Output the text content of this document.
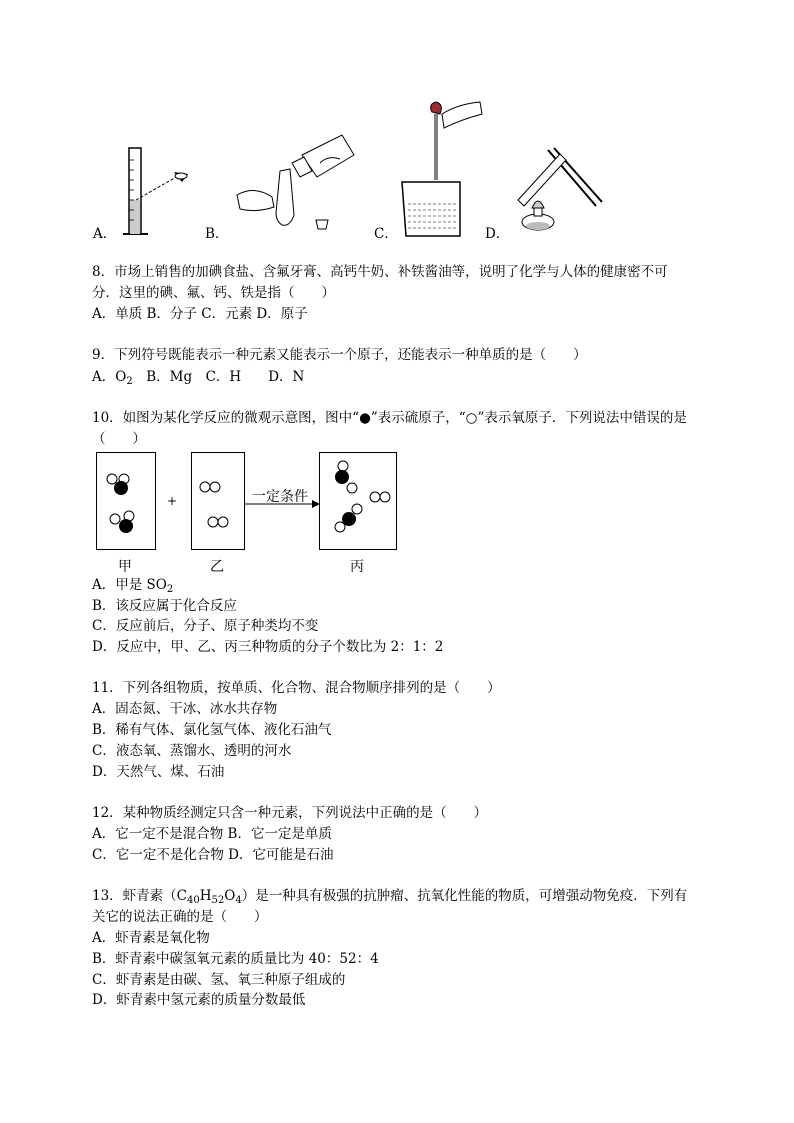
A．	B．	C．	D．
8．市场上销售的加碘食盐、含氟牙膏、高钙牛奶、补铁酱油等，说明了化学与人体的健康密不可
分．这里的碘、氟、钙、铁是指（　　）
A．单质 B．分子 C．元素 D．原子
9．下列符号既能表示一种元素又能表示一个原子，还能表示一种单质的是（　　）
A．$O_2$　B．Mg　C．H　　D．N
10．如图为某化学反应的微观示意图，图中“●”表示硫原子，“○”表示氧原子．下列说法中错误的是
（　　）
+	一定条件
甲	乙	丙
A．甲是 $SO_2$
B．该反应属于化合反应
C．反应前后，分子、原子种类均不变
D．反应中，甲、乙、丙三种物质的分子个数比为 2：1：2
11．下列各组物质，按单质、化合物、混合物顺序排列的是（　　）
A．固态氮、干冰、冰水共存物
B．稀有气体、氯化氢气体、液化石油气
C．液态氧、蒸馏水、透明的河水
D．天然气、煤、石油
12．某种物质经测定只含一种元素，下列说法中正确的是（　　）
A．它一定不是混合物 B．它一定是单质
C．它一定不是化合物 D．它可能是石油
13．虾青素$(C_{40}H_{52}O_4)$是一种具有极强的抗肿瘤、抗氧化性能的物质，可增强动物免疫．下列有
关它的说法正确的是（　　）
A．虾青素是氧化物
B．虾青素中碳氢氧元素的质量比为 40：52：4
C．虾青素是由碳、氢、氧三种原子组成的
D．虾青素中氢元素的质量分数最低
